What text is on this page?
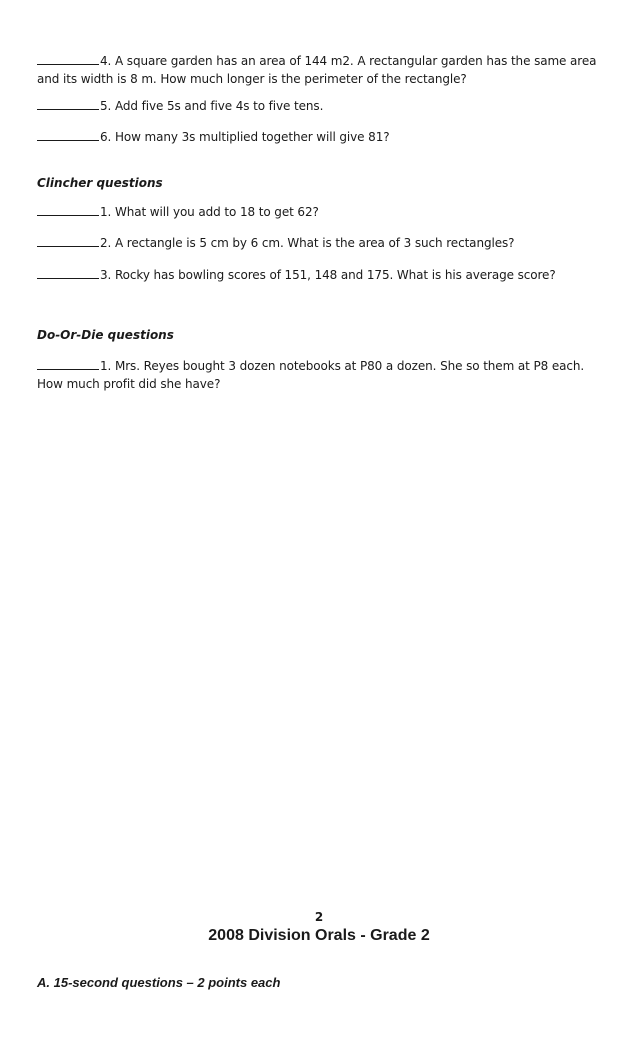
4. A square garden has an area of 144 m2. A rectangular garden has the same area and its width is 8 m. How much longer is the perimeter of the rectangle?
5. Add five 5s and five 4s to five tens.
6. How many 3s multiplied together will give 81?
Clincher questions
1. What will you add to 18 to get 62?
2. A rectangle is 5 cm by 6 cm. What is the area of 3 such rectangles?
3. Rocky has bowling scores of 151, 148 and 175. What is his average score?
Do-Or-Die questions
1. Mrs. Reyes bought 3 dozen notebooks at P80 a dozen. She so them at P8 each. How much profit did she have?
2
2008 Division Orals - Grade 2
A. 15-second questions – 2 points each
